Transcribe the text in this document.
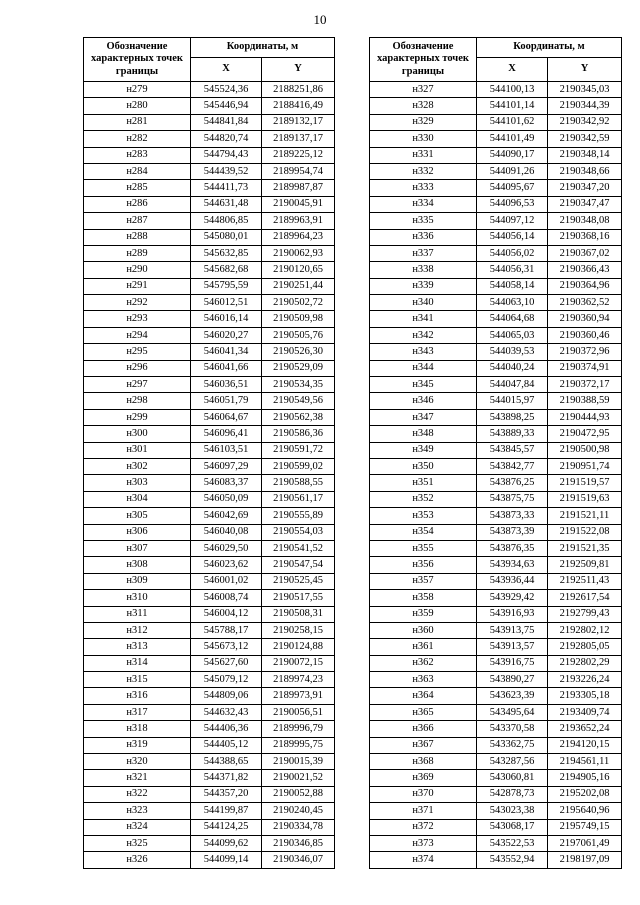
10
Обозначение характерных точек границы	Координаты, м	
	X	Y
н279	545524,36	2188251,86
н280	545446,94	2188416,49
н281	544841,84	2189132,17
н282	544820,74	2189137,17
н283	544794,43	2189225,12
н284	544439,52	2189954,74
н285	544411,73	2189987,87
н286	544631,48	2190045,91
н287	544806,85	2189963,91
н288	545080,01	2189964,23
н289	545632,85	2190062,93
н290	545682,68	2190120,65
н291	545795,59	2190251,44
н292	546012,51	2190502,72
н293	546016,14	2190509,98
н294	546020,27	2190505,76
н295	546041,34	2190526,30
н296	546041,66	2190529,09
н297	546036,51	2190534,35
н298	546051,79	2190549,56
н299	546064,67	2190562,38
н300	546096,41	2190586,36
н301	546103,51	2190591,72
н302	546097,29	2190599,02
н303	546083,37	2190588,55
н304	546050,09	2190561,17
н305	546042,69	2190555,89
н306	546040,08	2190554,03
н307	546029,50	2190541,52
н308	546023,62	2190547,54
н309	546001,02	2190525,45
н310	546008,74	2190517,55
н311	546004,12	2190508,31
н312	545788,17	2190258,15
н313	545673,12	2190124,88
н314	545627,60	2190072,15
н315	545079,12	2189974,23
н316	544809,06	2189973,91
н317	544632,43	2190056,51
н318	544406,36	2189996,79
н319	544405,12	2189995,75
н320	544388,65	2190015,39
н321	544371,82	2190021,52
н322	544357,20	2190052,88
н323	544199,87	2190240,45
н324	544124,25	2190334,78
н325	544099,62	2190346,85
н326	544099,14	2190346,07
Обозначение характерных точек границы	Координаты, м	
	X	Y
н327	544100,13	2190345,03
н328	544101,14	2190344,39
н329	544101,62	2190342,92
н330	544101,49	2190342,59
н331	544090,17	2190348,14
н332	544091,26	2190348,66
н333	544095,67	2190347,20
н334	544096,53	2190347,47
н335	544097,12	2190348,08
н336	544056,14	2190368,16
н337	544056,02	2190367,02
н338	544056,31	2190366,43
н339	544058,14	2190364,96
н340	544063,10	2190362,52
н341	544064,68	2190360,94
н342	544065,03	2190360,46
н343	544039,53	2190372,96
н344	544040,24	2190374,91
н345	544047,84	2190372,17
н346	544015,97	2190388,59
н347	543898,25	2190444,93
н348	543889,33	2190472,95
н349	543845,57	2190500,98
н350	543842,77	2190951,74
н351	543876,25	2191519,57
н352	543875,75	2191519,63
н353	543873,33	2191521,11
н354	543873,39	2191522,08
н355	543876,35	2191521,35
н356	543934,63	2192509,81
н357	543936,44	2192511,43
н358	543929,42	2192617,54
н359	543916,93	2192799,43
н360	543913,75	2192802,12
н361	543913,57	2192805,05
н362	543916,75	2192802,29
н363	543890,27	2193226,24
н364	543623,39	2193305,18
н365	543495,64	2193409,74
н366	543370,58	2193652,24
н367	543362,75	2194120,15
н368	543287,56	2194561,11
н369	543060,81	2194905,16
н370	542878,73	2195202,08
н371	543023,38	2195640,96
н372	543068,17	2195749,15
н373	543522,53	2197061,49
н374	543552,94	2198197,09
